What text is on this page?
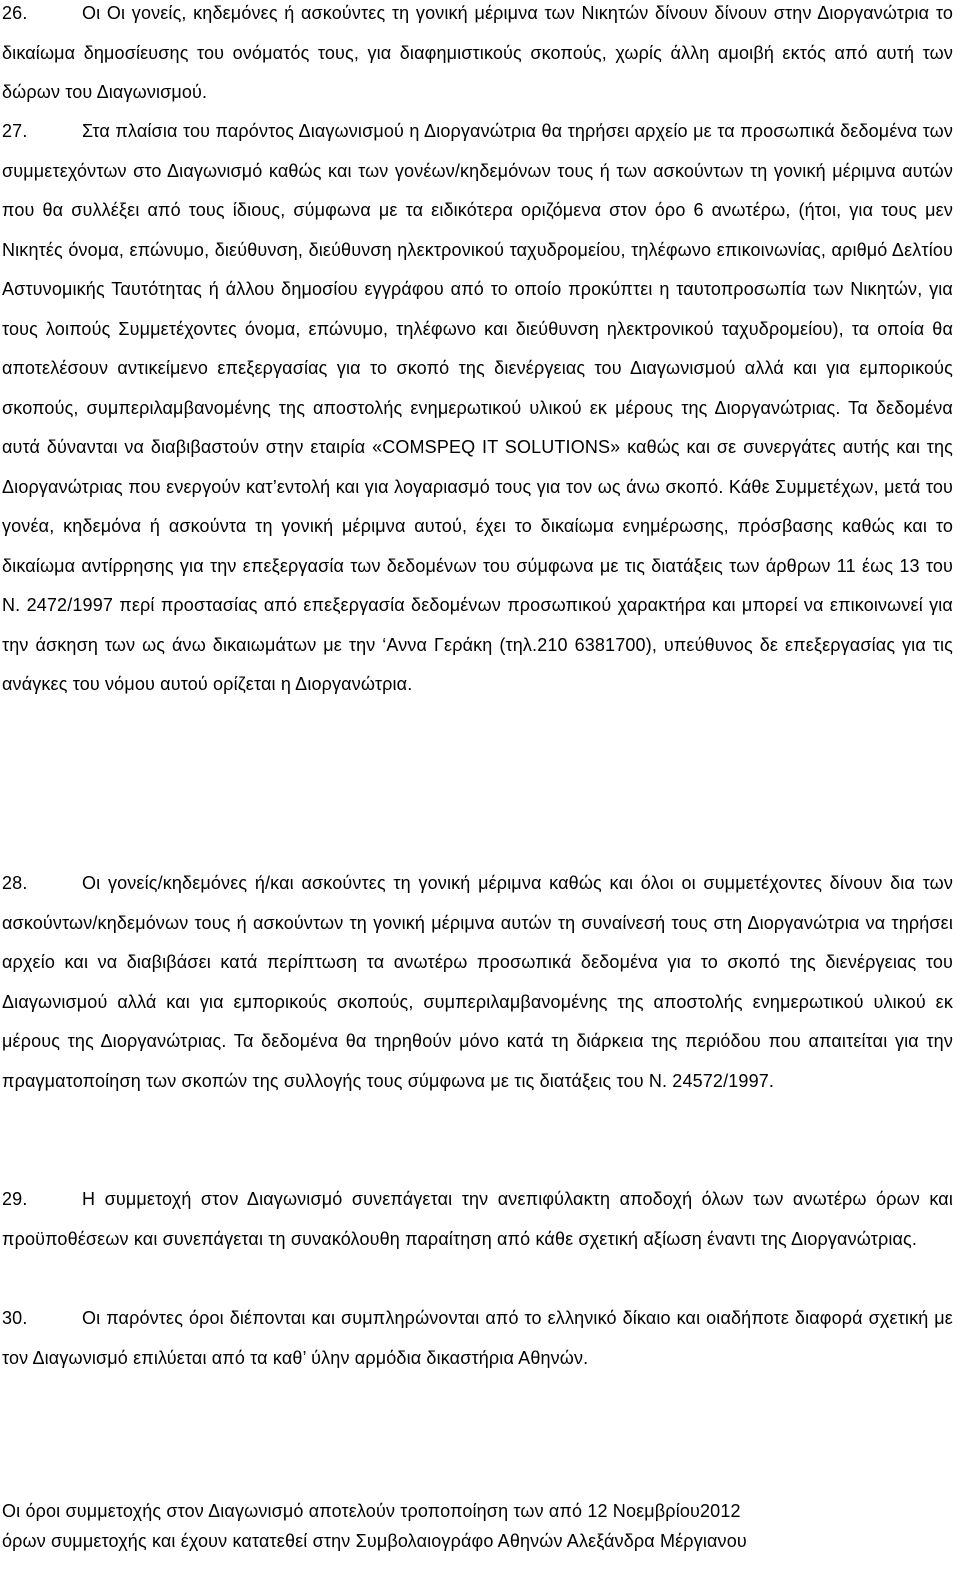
26.	Οι Οι γονείς, κηδεμόνες ή ασκούντες τη γονική μέριμνα των Νικητών δίνουν δίνουν στην Διοργανώτρια το δικαίωμα δημοσίευσης του ονόματός τους, για διαφημιστικούς σκοπούς, χωρίς άλλη αμοιβή εκτός από αυτή των δώρων του Διαγωνισμού.

27.	Στα πλαίσια του παρόντος Διαγωνισμού η Διοργανώτρια θα τηρήσει αρχείο με τα προσωπικά δεδομένα των συμμετεχόντων στο Διαγωνισμό καθώς και των γονέων/κηδεμόνων τους ή των ασκούντων τη γονική μέριμνα αυτών που θα συλλέξει από τους ίδιους, σύμφωνα με τα ειδικότερα οριζόμενα στον όρο 6 ανωτέρω, (ήτοι, για τους μεν Νικητές όνομα, επώνυμο, διεύθυνση, διεύθυνση ηλεκτρονικού ταχυδρομείου, τηλέφωνο επικοινωνίας, αριθμό Δελτίου Αστυνομικής Ταυτότητας ή άλλου δημοσίου εγγράφου από το οποίο προκύπτει η ταυτοπροσωπία των Νικητών, για τους λοιπούς Συμμετέχοντες όνομα, επώνυμο, τηλέφωνο και διεύθυνση ηλεκτρονικού ταχυδρομείου), τα οποία θα αποτελέσουν αντικείμενο επεξεργασίας για το σκοπό της διενέργειας του Διαγωνισμού αλλά και για εμπορικούς σκοπούς, συμπεριλαμβανομένης της αποστολής ενημερωτικού υλικού εκ μέρους της Διοργανώτριας. Τα δεδομένα αυτά δύνανται να διαβιβαστούν στην εταιρία «COMSPEQ IT SOLUTIONS» καθώς και σε συνεργάτες αυτής και της Διοργανώτριας που ενεργούν κατ’εντολή και για λογαριασμό τους για τον ως άνω σκοπό. Κάθε Συμμετέχων, μετά του γονέα, κηδεμόνα ή ασκούντα τη γονική μέριμνα αυτού, έχει το δικαίωμα ενημέρωσης, πρόσβασης καθώς και το δικαίωμα αντίρρησης για την επεξεργασία των δεδομένων του σύμφωνα με τις διατάξεις των άρθρων 11 έως 13 του Ν. 2472/1997 περί προστασίας από επεξεργασία δεδομένων προσωπικού χαρακτήρα και μπορεί να επικοινωνεί για την άσκηση των ως άνω δικαιωμάτων με την ‘Αννα Γεράκη (τηλ.210 6381700), υπεύθυνος δε επεξεργασίας για τις ανάγκες του νόμου αυτού ορίζεται η Διοργανώτρια.

28.	Οι γονείς/κηδεμόνες ή/και ασκούντες τη γονική μέριμνα καθώς και όλοι οι συμμετέχοντες δίνουν δια των ασκούντων/κηδεμόνων τους ή ασκούντων τη γονική μέριμνα αυτών τη συναίνεσή τους στη Διοργανώτρια να τηρήσει αρχείο και να διαβιβάσει κατά περίπτωση τα ανωτέρω προσωπικά δεδομένα για το σκοπό της διενέργειας του Διαγωνισμού αλλά και για εμπορικούς σκοπούς, συμπεριλαμβανομένης της αποστολής ενημερωτικού υλικού εκ μέρους της Διοργανώτριας. Τα δεδομένα θα τηρηθούν μόνο κατά τη διάρκεια της περιόδου που απαιτείται για την πραγματοποίηση των σκοπών της συλλογής τους σύμφωνα με τις διατάξεις του Ν. 24572/1997.

29.	Η συμμετοχή στον Διαγωνισμό συνεπάγεται την ανεπιφύλακτη αποδοχή όλων των ανωτέρω όρων και προϋποθέσεων και συνεπάγεται τη συνακόλουθη παραίτηση από κάθε σχετική αξίωση έναντι της Διοργανώτριας.

30.	Οι παρόντες όροι διέπονται και συμπληρώνονται από το ελληνικό δίκαιο και οιαδήποτε διαφορά σχετική με τον Διαγωνισμό επιλύεται από τα καθ’ ύλην αρμόδια δικαστήρια Αθηνών.

Οι όροι συμμετοχής στον Διαγωνισμό αποτελούν τροποποίηση των από 12 Νοεμβρίου2012
όρων συμμετοχής και έχουν κατατεθεί στην Συμβολαιογράφο Αθηνών Αλεξάνδρα Μέργιανου
